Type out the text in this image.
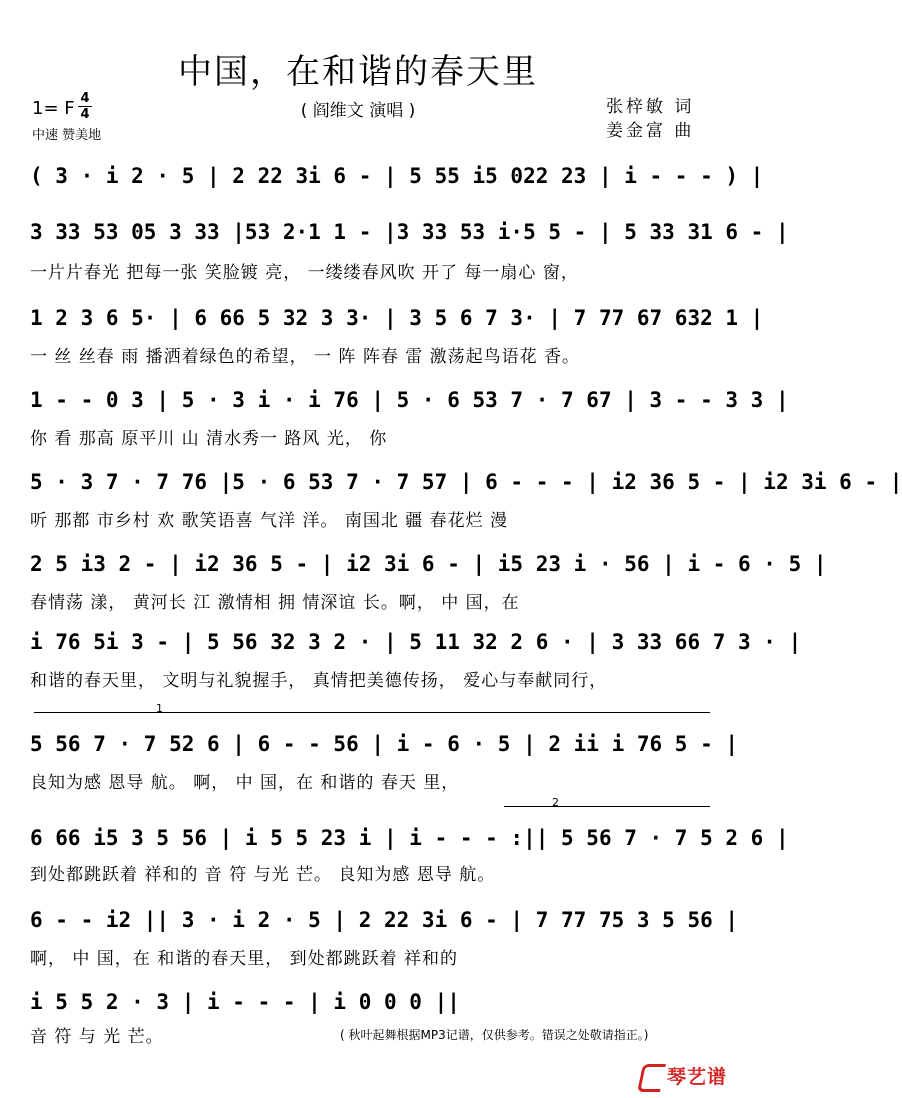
中国，在和谐的春天里
( 阎维文 演唱 )
1= F 4
4
中速 赞美地
张梓敏 词
姜金富 曲
( 3 · i 2 · 5 | 2 22 3i 6 - | 5 55 i5 022 23 | i - - - ) |
3 33 53 05 3 33 |53 2·1 1 - |3 33 53 i·5 5 - | 5 33 31 6 - |
一片片春光 把每一张 笑脸镀 亮， 一缕缕春风吹 开了 每一扇心 窗，
1 2 3 6 5· | 6 66 5 32 3 3· | 3 5 6 7 3· | 7 77 67 632 1 |
一 丝 丝春 雨 播洒着绿色的希望， 一 阵 阵春 雷 激荡起鸟语花 香。
1 - - 0 3 | 5 · 3 i · i 76 | 5 · 6 53 7 · 7 67 | 3 - - 3 3 |
你 看 那高 原平川 山 清水秀一 路风 光， 你
5 · 3 7 · 7 76 |5 · 6 53 7 · 7 57 | 6 - - - | i2 36 5 - | i2 3i 6 - |
听 那都 市乡村 欢 歌笑语喜 气洋 洋。 南国北 疆 春花烂 漫
2 5 i3 2 - | i2 36 5 - | i2 3i 6 - | i5 23 i · 56 | i - 6 · 5 |
春情荡 漾， 黄河长 江 激情相 拥 情深谊 长。啊， 中 国，在
i 76 5i 3 - | 5 56 32 3 2 · | 5 11 32 2 6 · | 3 33 66 7 3 · |
和谐的春天里， 文明与礼貌握手， 真情把美德传扬， 爱心与奉献同行，
1
5 56 7 · 7 52 6 | 6 - - 56 | i - 6 · 5 | 2 ii i 76 5 - |
良知为感 恩导 航。 啊， 中 国，在 和谐的 春天 里，
2
6 66 i5 3 5 56 | i 5 5 23 i | i - - - :|| 5 56 7 · 7 5 2 6 |
到处都跳跃着 祥和的 音 符 与光 芒。 良知为感 恩导 航。
6 - - i2 || 3 · i 2 · 5 | 2 22 3i 6 - | 7 77 75 3 5 56 |
啊， 中 国，在 和谐的春天里， 到处都跳跃着 祥和的
i 5 5 2 · 3 | i - - - | i 0 0 0 ||
音 符 与 光 芒。	( 秋叶起舞根据MP3记谱，仅供参考。错误之处敬请指正。)
琴艺谱
